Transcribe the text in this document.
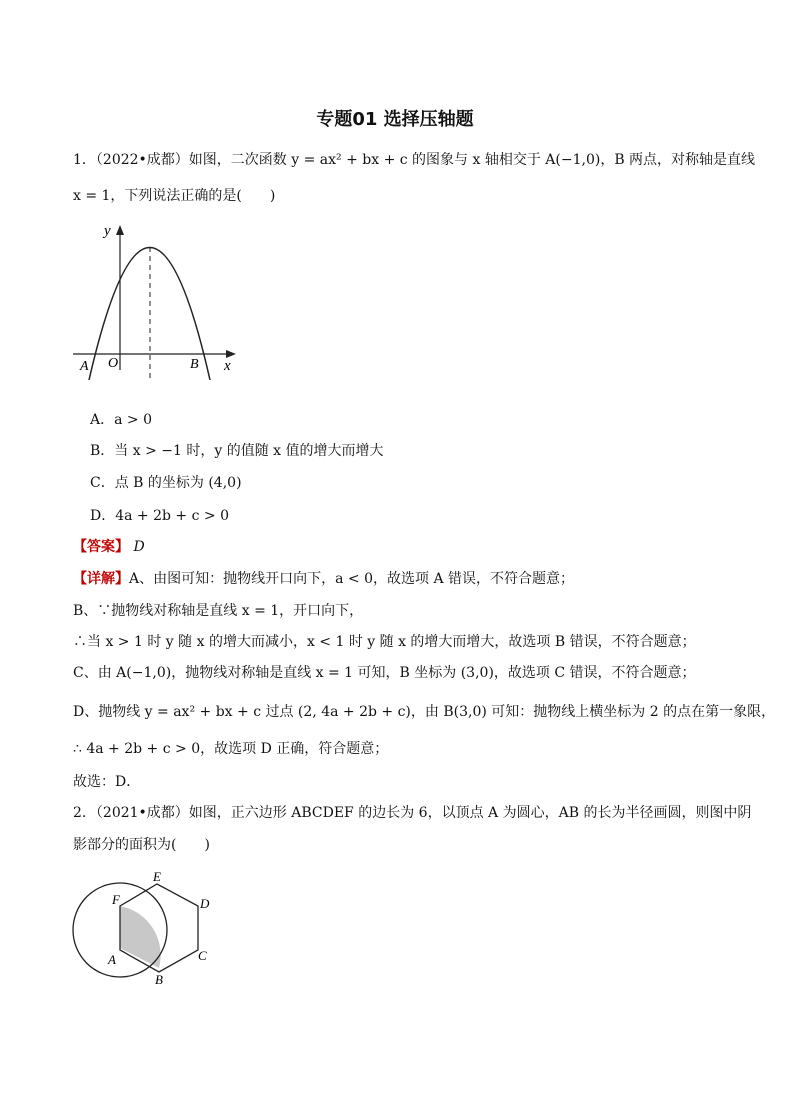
专题01 选择压轴题
1．（2022•成都）如图，二次函数 y = ax² + bx + c 的图象与 x 轴相交于 A(−1,0)，B 两点，对称轴是直线
x = 1，下列说法正确的是(　　)
y
x
O
A	B
A．a > 0
B．当 x > −1 时，y 的值随 x 值的增大而增大
C．点 B 的坐标为 (4,0)
D．4a + 2b + c > 0
【答案】 D
【详解】A、由图可知：抛物线开口向下，a < 0，故选项 A 错误，不符合题意；
B、∵抛物线对称轴是直线 x = 1，开口向下，
∴当 x > 1 时 y 随 x 的增大而减小，x < 1 时 y 随 x 的增大而增大，故选项 B 错误，不符合题意；
C、由 A(−1,0)，抛物线对称轴是直线 x = 1 可知，B 坐标为 (3,0)，故选项 C 错误，不符合题意；
D、抛物线 y = ax² + bx + c 过点 (2, 4a + 2b + c)，由 B(3,0) 可知：抛物线上横坐标为 2 的点在第一象限，
∴ 4a + 2b + c > 0，故选项 D 正确，符合题意；
故选：D．
2．（2021•成都）如图，正六边形 ABCDEF 的边长为 6，以顶点 A 为圆心，AB 的长为半径画圆，则图中阴
影部分的面积为(　　)
F
E
D
C
B
A
